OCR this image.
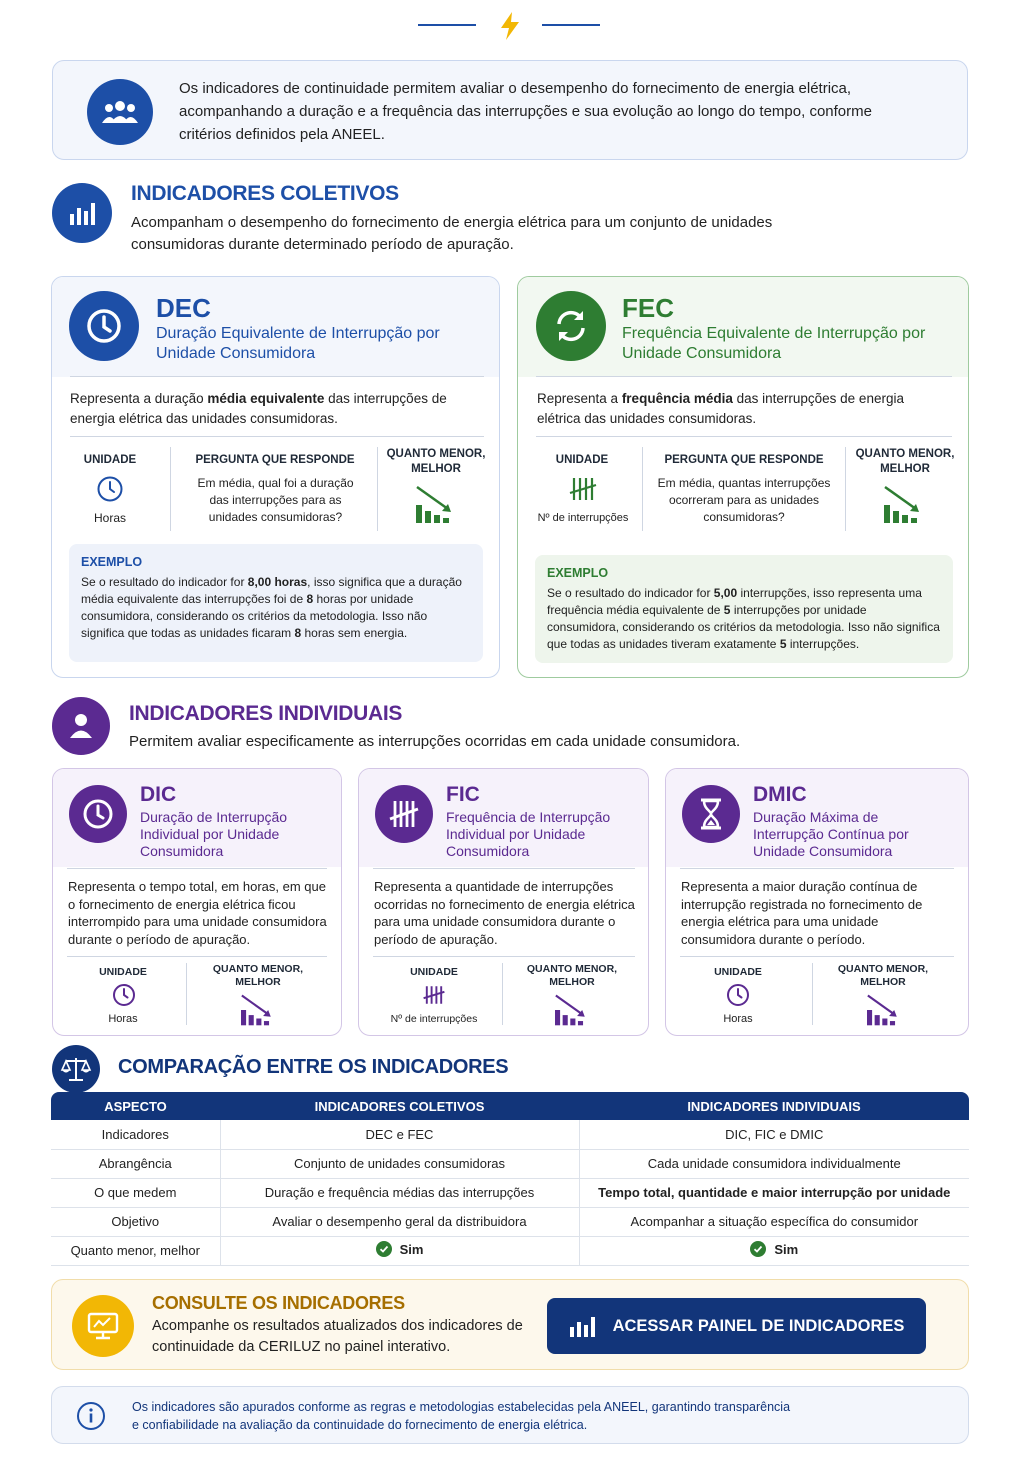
Os indicadores de continuidade permitem avaliar o desempenho do fornecimento de energia elétrica, acompanhando a duração e a frequência das interrupções e sua evolução ao longo do tempo, conforme critérios definidos pela ANEEL.
INDICADORES COLETIVOS
Acompanham o desempenho do fornecimento de energia elétrica para um conjunto de unidades consumidoras durante determinado período de apuração.
DEC
Duração Equivalente de Interrupção por Unidade Consumidora
Representa a duração média equivalente das interrupções de energia elétrica das unidades consumidoras.
UNIDADE
Horas
PERGUNTA QUE RESPONDE
Em média, qual foi a duração das interrupções para as unidades consumidoras?
QUANTO MENOR, MELHOR
EXEMPLO
Se o resultado do indicador for 8,00 horas, isso significa que a duração média equivalente das interrupções foi de 8 horas por unidade consumidora, considerando os critérios da metodologia. Isso não significa que todas as unidades ficaram 8 horas sem energia.
FEC
Frequência Equivalente de Interrupção por Unidade Consumidora
Representa a frequência média das interrupções de energia elétrica das unidades consumidoras.
UNIDADE
Nº de interrupções
PERGUNTA QUE RESPONDE
Em média, quantas interrupções ocorreram para as unidades consumidoras?
QUANTO MENOR, MELHOR
EXEMPLO
Se o resultado do indicador for 5,00 interrupções, isso representa uma frequência média equivalente de 5 interrupções por unidade consumidora, considerando os critérios da metodologia. Isso não significa que todas as unidades tiveram exatamente 5 interrupções.
INDICADORES INDIVIDUAIS
Permitem avaliar especificamente as interrupções ocorridas em cada unidade consumidora.
DIC
Duração de Interrupção Individual por Unidade Consumidora
Representa o tempo total, em horas, em que o fornecimento de energia elétrica ficou interrompido para uma unidade consumidora durante o período de apuração.
UNIDADE
Horas
QUANTO MENOR, MELHOR
FIC
Frequência de Interrupção Individual por Unidade Consumidora
Representa a quantidade de interrupções ocorridas no fornecimento de energia elétrica para uma unidade consumidora durante o período de apuração.
UNIDADE
Nº de interrupções
QUANTO MENOR, MELHOR
DMIC
Duração Máxima de Interrupção Contínua por Unidade Consumidora
Representa a maior duração contínua de interrupção registrada no fornecimento de energia elétrica para uma unidade consumidora durante o período.
UNIDADE
Horas
QUANTO MENOR, MELHOR
COMPARAÇÃO ENTRE OS INDICADORES
ASPECTO	INDICADORES COLETIVOS	INDICADORES INDIVIDUAIS
Indicadores	DEC e FEC	DIC, FIC e DMIC
Abrangência	Conjunto de unidades consumidoras	Cada unidade consumidora individualmente
O que medem	Duração e frequência médias das interrupções	Tempo total, quantidade e maior interrupção por unidade
Objetivo	Avaliar o desempenho geral da distribuidora	Acompanhar a situação específica do consumidor
Quanto menor, melhor	Sim	Sim
CONSULTE OS INDICADORES
Acompanhe os resultados atualizados dos indicadores de continuidade da CERILUZ no painel interativo.
ACESSAR PAINEL DE INDICADORES
Os indicadores são apurados conforme as regras e metodologias estabelecidas pela ANEEL, garantindo transparência e confiabilidade na avaliação da continuidade do fornecimento de energia elétrica.
